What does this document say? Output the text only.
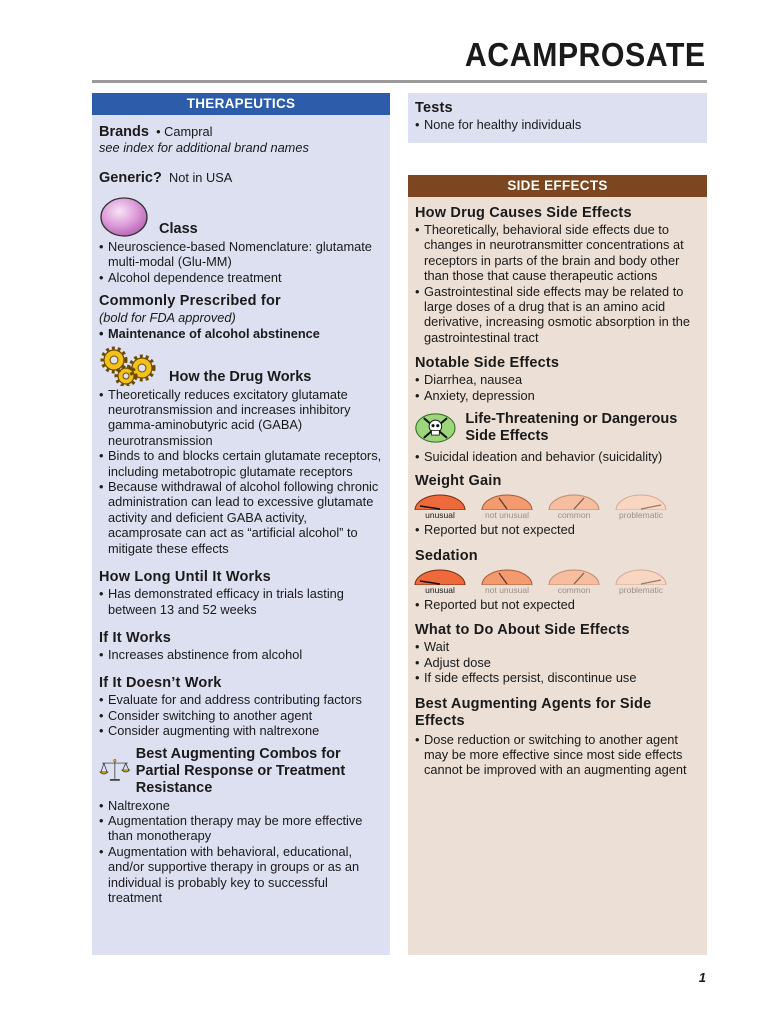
ACAMPROSATE
THERAPEUTICS
Brands  • Campral
see index for additional brand names
Generic? Not in USA
Class
• Neuroscience-based Nomenclature: glutamate multi-modal (Glu-MM)
• Alcohol dependence treatment
Commonly Prescribed for
(bold for FDA approved)
• Maintenance of alcohol abstinence
How the Drug Works
• Theoretically reduces excitatory glutamate neurotransmission and increases inhibitory gamma-aminobutyric acid (GABA) neurotransmission
• Binds to and blocks certain glutamate receptors, including metabotropic glutamate receptors
• Because withdrawal of alcohol following chronic administration can lead to excessive glutamate activity and deficient GABA activity, acamprosate can act as “artificial alcohol” to mitigate these effects
How Long Until It Works
• Has demonstrated efficacy in trials lasting between 13 and 52 weeks
If It Works
• Increases abstinence from alcohol
If It Doesn’t Work
• Evaluate for and address contributing factors
• Consider switching to another agent
• Consider augmenting with naltrexone
Best Augmenting Combos for Partial Response or Treatment Resistance
• Naltrexone
• Augmentation therapy may be more effective than monotherapy
• Augmentation with behavioral, educational, and/or supportive therapy in groups or as an individual is probably key to successful treatment
Tests
• None for healthy individuals
SIDE EFFECTS
How Drug Causes Side Effects
• Theoretically, behavioral side effects due to changes in neurotransmitter concentrations at receptors in parts of the brain and body other than those that cause therapeutic actions
• Gastrointestinal side effects may be related to large doses of a drug that is an amino acid derivative, increasing osmotic absorption in the gastrointestinal tract
Notable Side Effects
• Diarrhea, nausea
• Anxiety, depression
Life-Threatening or Dangerous Side Effects
• Suicidal ideation and behavior (suicidality)
Weight Gain
unusual	not unusual	common	problematic
• Reported but not expected
Sedation
unusual	not unusual	common	problematic
• Reported but not expected
What to Do About Side Effects
• Wait
• Adjust dose
• If side effects persist, discontinue use
Best Augmenting Agents for Side Effects
• Dose reduction or switching to another agent may be more effective since most side effects cannot be improved with an augmenting agent
1
